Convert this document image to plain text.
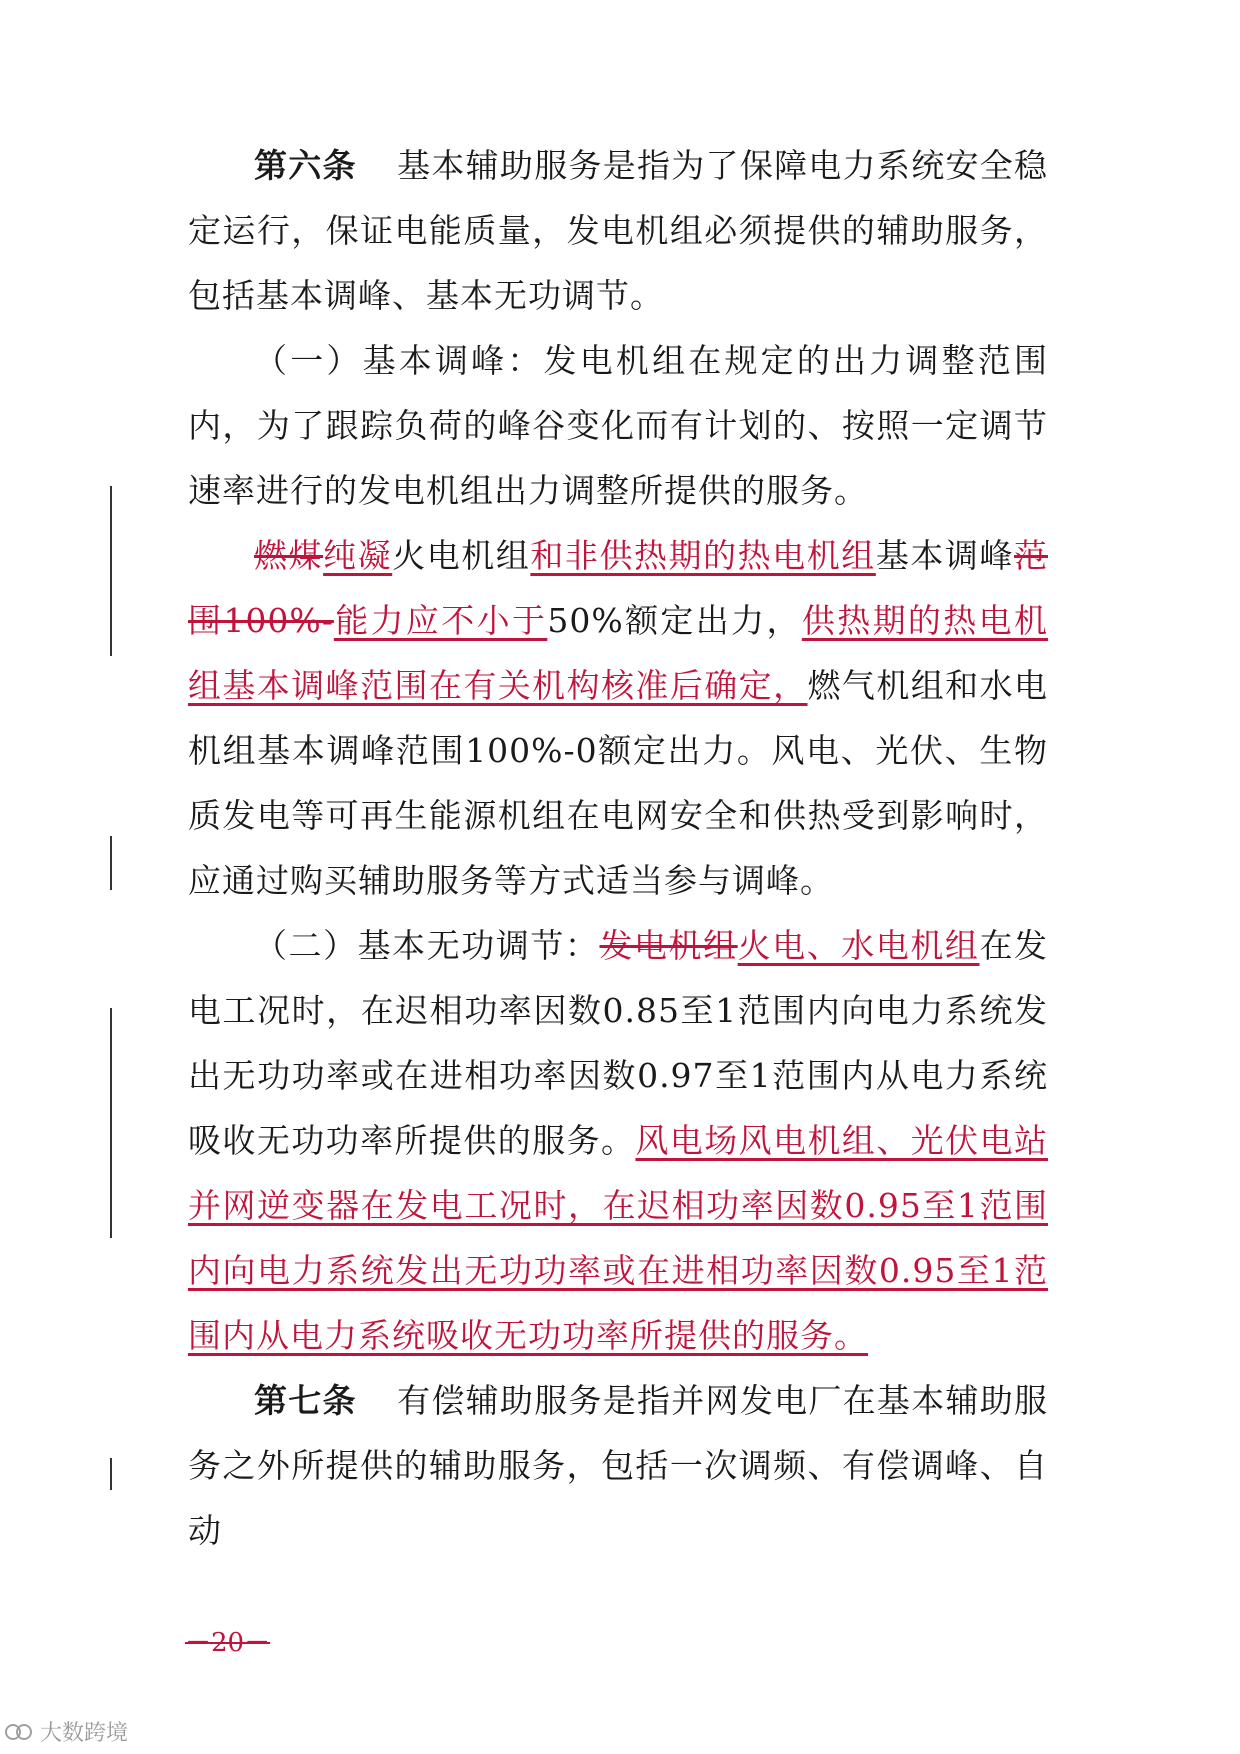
第六条 基本辅助服务是指为了保障电力系统安全稳定运行，保证电能质量，发电机组必须提供的辅助服务，包括基本调峰、基本无功调节。

（一）基本调峰：发电机组在规定的出力调整范围内，为了跟踪负荷的峰谷变化而有计划的、按照一定调节速率进行的发电机组出力调整所提供的服务。

燃煤纯凝火电机组和非供热期的热电机组基本调峰范围100%-能力应不小于50%额定出力，供热期的热电机组基本调峰范围在有关机构核准后确定，燃气机组和水电机组基本调峰范围100%-0额定出力。风电、光伏、生物质发电等可再生能源机组在电网安全和供热受到影响时，应通过购买辅助服务等方式适当参与调峰。

（二）基本无功调节：发电机组火电、水电机组在发电工况时，在迟相功率因数0.85至1范围内向电力系统发出无功功率或在进相功率因数0.97至1范围内从电力系统吸收无功功率所提供的服务。风电场风电机组、光伏电站并网逆变器在发电工况时，在迟相功率因数0.95至1范围内向电力系统发出无功功率或在进相功率因数0.95至1范围内从电力系统吸收无功功率所提供的服务。

第七条 有偿辅助服务是指并网发电厂在基本辅助服务之外所提供的辅助服务，包括一次调频、有偿调峰、自动

－20－
大数跨境
